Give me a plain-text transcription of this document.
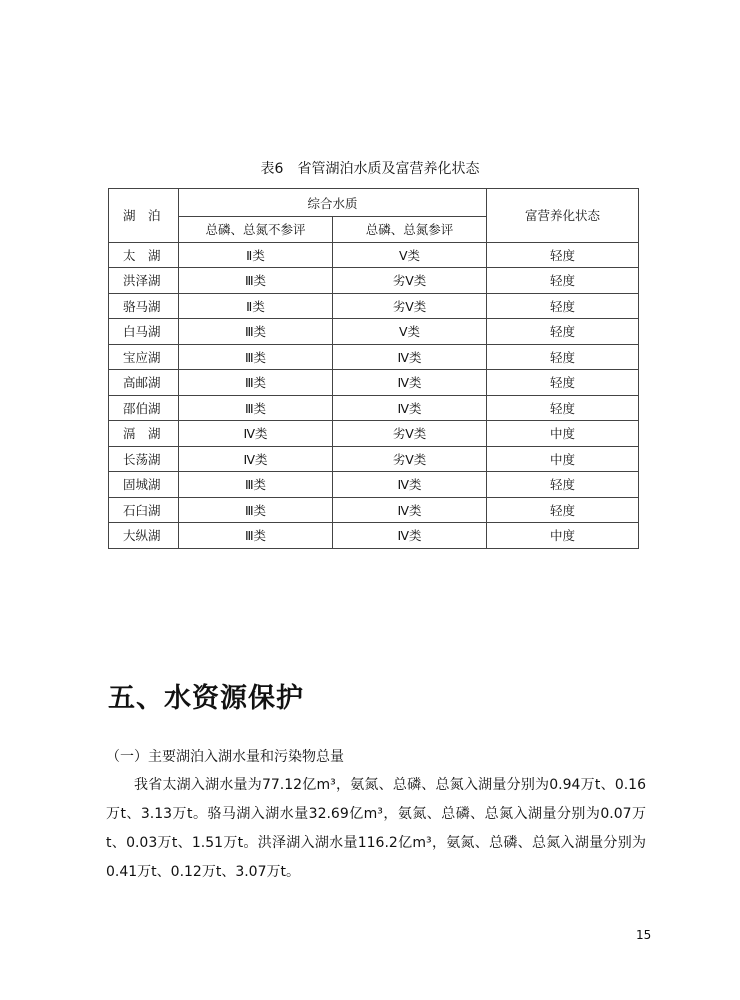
表6　省管湖泊水质及富营养化状态
湖　泊	综合水质		富营养化状态
	总磷、总氮不参评	总磷、总氮参评	
太　湖	Ⅱ类	Ⅴ类	轻度
洪泽湖	Ⅲ类	劣Ⅴ类	轻度
骆马湖	Ⅱ类	劣Ⅴ类	轻度
白马湖	Ⅲ类	Ⅴ类	轻度
宝应湖	Ⅲ类	Ⅳ类	轻度
高邮湖	Ⅲ类	Ⅳ类	轻度
邵伯湖	Ⅲ类	Ⅳ类	轻度
滆　湖	Ⅳ类	劣Ⅴ类	中度
长荡湖	Ⅳ类	劣Ⅴ类	中度
固城湖	Ⅲ类	Ⅳ类	轻度
石臼湖	Ⅲ类	Ⅳ类	轻度
大纵湖	Ⅲ类	Ⅳ类	中度
五、水资源保护
（一）主要湖泊入湖水量和污染物总量
我省太湖入湖水量为77.12亿m³，氨氮、总磷、总氮入湖量分别为0.94万t、0.16万t、3.13万t。骆马湖入湖水量32.69亿m³，氨氮、总磷、总氮入湖量分别为0.07万t、0.03万t、1.51万t。洪泽湖入湖水量116.2亿m³，氨氮、总磷、总氮入湖量分别为0.41万t、0.12万t、3.07万t。
15
